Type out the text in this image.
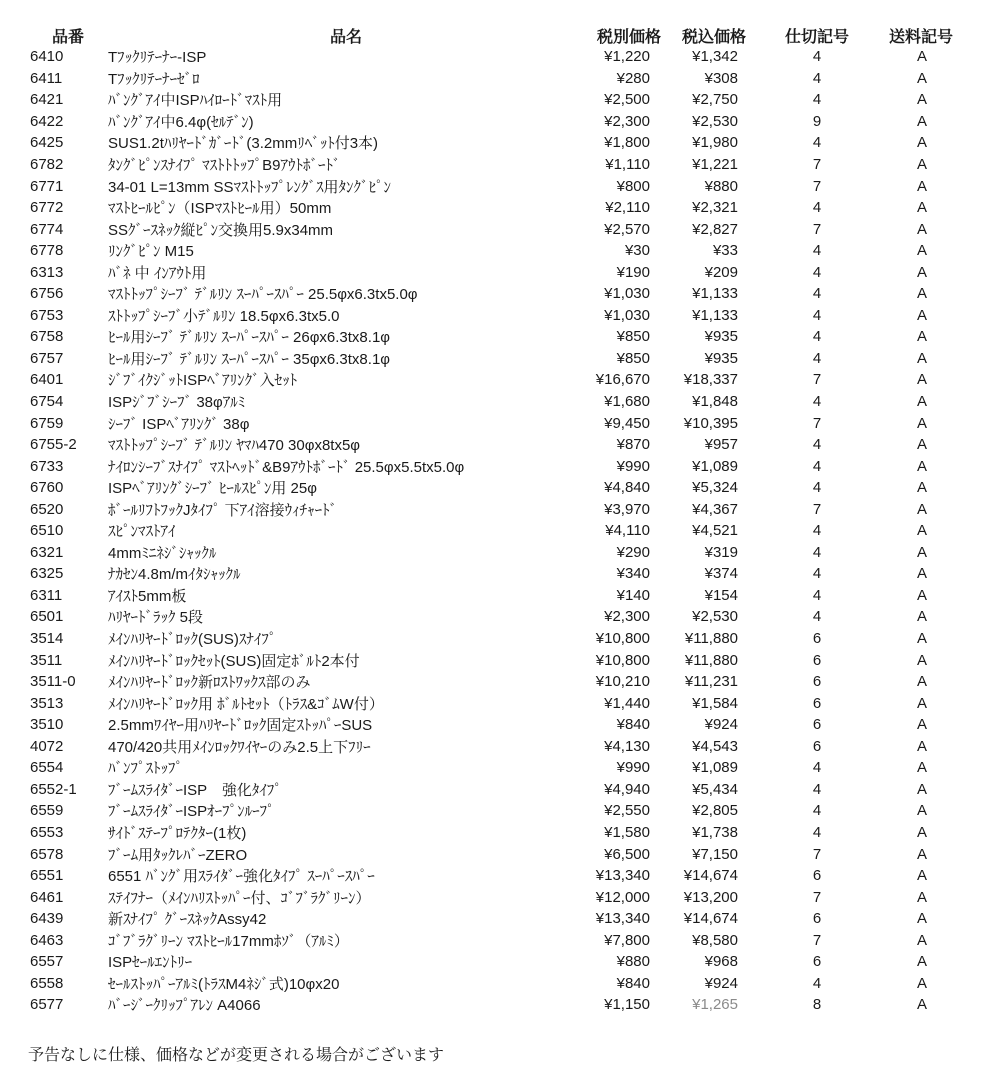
品番	品名	税別価格 税込価格 仕切記号 送料記号
6410	Tﾌｯｸﾘﾃｰﾅｰ-ISP	¥1,220	¥1,342	4	A
6411	Tﾌｯｸﾘﾃｰﾅｰｾﾞﾛ	¥280	¥308	4	A
6421	ﾊﾞﾝｸﾞｱｲ中ISPﾊｲﾛｰﾄﾞﾏｽﾄ用	¥2,500	¥2,750	4	A
6422	ﾊﾞﾝｸﾞｱｲ中6.4φ(ｾﾙﾃﾞﾝ)	¥2,300	¥2,530	9	A
6425	SUS1.2tﾊﾘﾔｰﾄﾞｶﾞｰﾄﾞ(3.2mmﾘﾍﾞｯﾄ付3本)	¥1,800	¥1,980	4	A
6782	ﾀﾝｸﾞﾋﾟﾝｽﾅｲﾌﾟ ﾏｽﾄﾄﾄｯﾌﾟB9ｱｳﾄﾎﾞｰﾄﾞ	¥1,110	¥1,221	7	A
6771	34-01 L=13mm SSﾏｽﾄﾄｯﾌﾟﾚﾝｸﾞｽ用ﾀﾝｸﾞﾋﾟﾝ	¥800	¥880	7	A
6772	ﾏｽﾄﾋｰﾙﾋﾟﾝ（ISPﾏｽﾄﾋｰﾙ用）50mm	¥2,110	¥2,321	4	A
6774	SSｸﾞｰｽﾈｯｸ縦ﾋﾟﾝ交換用5.9x34mm	¥2,570	¥2,827	7	A
6778	ﾘﾝｸﾞﾋﾟﾝ M15	¥30	¥33	4	A
6313	ﾊﾞﾈ 中 ｲﾝｱｳﾄ用	¥190	¥209	4	A
6756	ﾏｽﾄﾄｯﾌﾟｼｰﾌﾞ ﾃﾞﾙﾘﾝ ｽｰﾊﾟｰｽﾊﾟｰ 25.5φx6.3tx5.0φ	¥1,030	¥1,133	4	A
6753	ｽﾄﾄｯﾌﾟｼｰﾌﾞ小ﾃﾞﾙﾘﾝ 18.5φx6.3tx5.0	¥1,030	¥1,133	4	A
6758	ﾋｰﾙ用ｼｰﾌﾞ ﾃﾞﾙﾘﾝ ｽｰﾊﾟｰｽﾊﾟｰ 26φx6.3tx8.1φ	¥850	¥935	4	A
6757	ﾋｰﾙ用ｼｰﾌﾞ ﾃﾞﾙﾘﾝ ｽｰﾊﾟｰｽﾊﾟｰ 35φx6.3tx8.1φ	¥850	¥935	4	A
6401	ｼﾞﾌﾞｲｸｼﾞｯﾄISPﾍﾞｱﾘﾝｸﾞ入ｾｯﾄ	¥16,670	¥18,337	7	A
6754	ISPｼﾞﾌﾞｼｰﾌﾞ 38φｱﾙﾐ	¥1,680	¥1,848	4	A
6759	ｼｰﾌﾞ ISPﾍﾞｱﾘﾝｸﾞ 38φ	¥9,450	¥10,395	7	A
6755-2	ﾏｽﾄﾄｯﾌﾟｼｰﾌﾞ ﾃﾞﾙﾘﾝ ﾔﾏﾊ470 30φx8tx5φ	¥870	¥957	4	A
6733	ﾅｲﾛﾝｼｰﾌﾞｽﾅｲﾌﾟ ﾏｽﾄﾍｯﾄﾞ&B9ｱｳﾄﾎﾞｰﾄﾞ 25.5φx5.5tx5.0φ	¥990	¥1,089	4	A
6760	ISPﾍﾞｱﾘﾝｸﾞｼｰﾌﾞ ﾋｰﾙｽﾋﾟﾝ用 25φ	¥4,840	¥5,324	4	A
6520	ﾎﾞｰﾙﾘﾌﾄﾌｯｸJﾀｲﾌﾟ 下ｱｲ溶接ｳｨﾁｬｰﾄﾞ	¥3,970	¥4,367	7	A
6510	ｽﾋﾟﾝﾏｽﾄｱｲ	¥4,110	¥4,521	4	A
6321	4mmﾐﾆﾈｼﾞｼｬｯｸﾙ	¥290	¥319	4	A
6325	ﾅｶｾﾝ4.8m/mｲﾀｼｬｯｸﾙ	¥340	¥374	4	A
6311	ｱｲｽﾄ5mm板	¥140	¥154	4	A
6501	ﾊﾘﾔｰﾄﾞﾗｯｸ 5段	¥2,300	¥2,530	4	A
3514	ﾒｲﾝﾊﾘﾔｰﾄﾞﾛｯｸ(SUS)ｽﾅｲﾌﾟ	¥10,800	¥11,880	6	A
3511	ﾒｲﾝﾊﾘﾔｰﾄﾞﾛｯｸｾｯﾄ(SUS)固定ﾎﾞﾙﾄ2本付	¥10,800	¥11,880	6	A
3511-0	ﾒｲﾝﾊﾘﾔｰﾄﾞﾛｯｸ新ﾛｽﾄﾜｯｸｽ部のみ	¥10,210	¥11,231	6	A
3513	ﾒｲﾝﾊﾘﾔｰﾄﾞﾛｯｸ用 ﾎﾞﾙﾄｾｯﾄ（ﾄﾗｽ&ｺﾞﾑW付）	¥1,440	¥1,584	6	A
3510	2.5mmﾜｲﾔｰ用ﾊﾘﾔｰﾄﾞﾛｯｸ固定ｽﾄｯﾊﾟｰSUS	¥840	¥924	6	A
4072	470/420共用ﾒｲﾝﾛｯｸﾜｲﾔｰのみ2.5上下ﾌﾘｰ	¥4,130	¥4,543	6	A
6554	ﾊﾞﾝﾌﾟｽﾄｯﾌﾟ	¥990	¥1,089	4	A
6552-1	ﾌﾞｰﾑｽﾗｲﾀﾞｰISP　強化ﾀｲﾌﾟ	¥4,940	¥5,434	4	A
6559	ﾌﾞｰﾑｽﾗｲﾀﾞｰISPｵｰﾌﾟﾝﾙｰﾌﾟ	¥2,550	¥2,805	4	A
6553	ｻｲﾄﾞｽﾃｰﾌﾟﾛﾃｸﾀｰ(1枚)	¥1,580	¥1,738	4	A
6578	ﾌﾞｰﾑ用ﾀｯｸﾚﾊﾞｰZERO	¥6,500	¥7,150	7	A
6551	6551 ﾊﾞﾝｸﾞ用ｽﾗｲﾀﾞｰ強化ﾀｲﾌﾟ ｽｰﾊﾟｰｽﾊﾟｰ	¥13,340	¥14,674	6	A
6461	ｽﾃｲﾌﾅｰ（ﾒｲﾝﾊﾘｽﾄｯﾊﾟｰ付、ｺﾞﾌﾞﾗｸﾞﾘｰﾝ）	¥12,000	¥13,200	7	A
6439	新ｽﾅｲﾌﾟ ｸﾞｰｽﾈｯｸAssy42	¥13,340	¥14,674	6	A
6463	ｺﾞﾌﾞﾗｸﾞﾘｰﾝ ﾏｽﾄﾋｰﾙ17mmﾎｿﾞ（ｱﾙﾐ）	¥7,800	¥8,580	7	A
6557	ISPｾｰﾙｴﾝﾄﾘｰ	¥880	¥968	6	A
6558	ｾｰﾙｽﾄｯﾊﾟｰｱﾙﾐ(ﾄﾗｽM4ﾈｼﾞ式)10φx20	¥840	¥924	4	A
6577	ﾊﾞｰｼﾞｰｸﾘｯﾌﾟｱﾚﾝ A4066	¥1,150	¥1,265	8	A
予告なしに仕様、価格などが変更される場合がございます
